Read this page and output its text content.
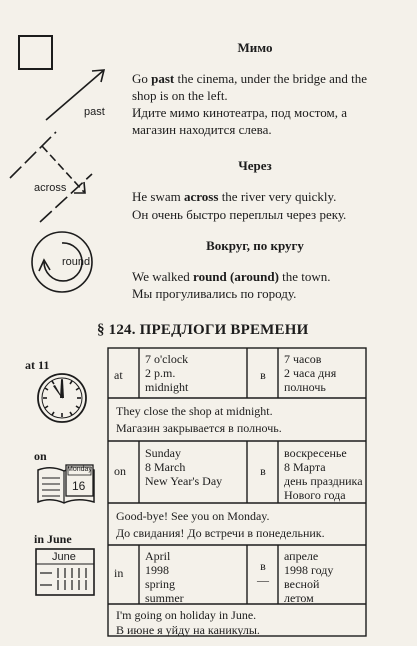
past
Мимо
Go past the cinema, under the bridge and the shop is on the left.
Идите мимо кинотеатра, под мостом, а магазин находится слева.
across
Через
He swam across the river very quickly.
Он очень быстро переплыл через реку.
round
Вокруг, по кругу
We walked round (around) the town.
Мы прогуливались по городу.
§ 124. ПРЕДЛОГИ ВРЕМЕНИ
at 11
at
7 o'clock
2 p.m.
midnight
в
7 часов
2 часа дня
полночь
They close the shop at midnight.
Магазин закрывается в полночь.
on
Monday
16
on
Sunday
8 March
New Year's Day
в
воскресенье
8 Марта
день праздника
Нового года
Good-bye! See you on Monday.
До свидания! До встречи в понедельник.
in June
June
in
April
1998
spring
summer
в
—
апреле
1998 году
весной
летом
I'm going on holiday in June.
В июне я уйду на каникулы.
